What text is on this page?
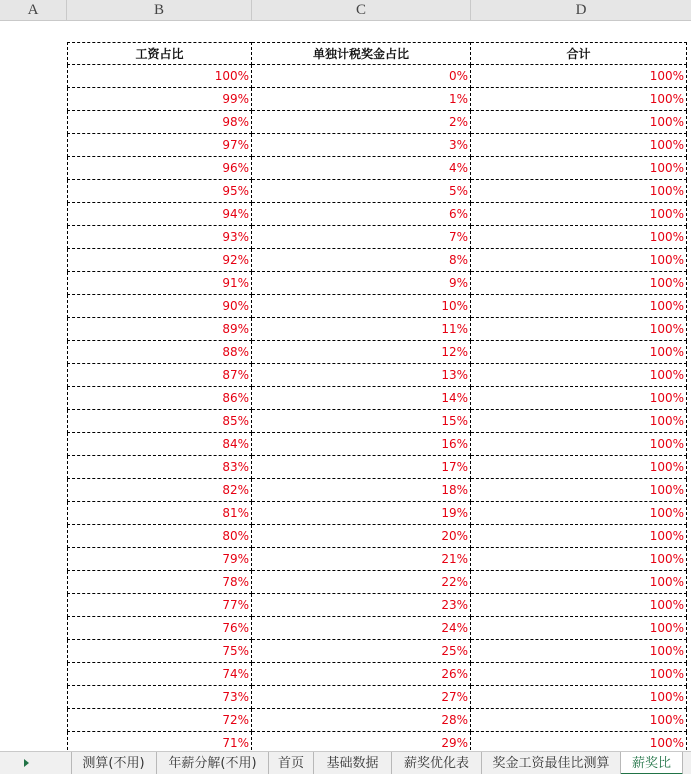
A	B	C	D
工资占比	单独计税奖金占比	合计
100%	0%	100%
99%	1%	100%
98%	2%	100%
97%	3%	100%
96%	4%	100%
95%	5%	100%
94%	6%	100%
93%	7%	100%
92%	8%	100%
91%	9%	100%
90%	10%	100%
89%	11%	100%
88%	12%	100%
87%	13%	100%
86%	14%	100%
85%	15%	100%
84%	16%	100%
83%	17%	100%
82%	18%	100%
81%	19%	100%
80%	20%	100%
79%	21%	100%
78%	22%	100%
77%	23%	100%
76%	24%	100%
75%	25%	100%
74%	26%	100%
73%	27%	100%
72%	28%	100%
71%	29%	100%
测算(不用)	年薪分解(不用)	首页	基础数据	薪奖优化表	奖金工资最佳比测算	薪奖比
